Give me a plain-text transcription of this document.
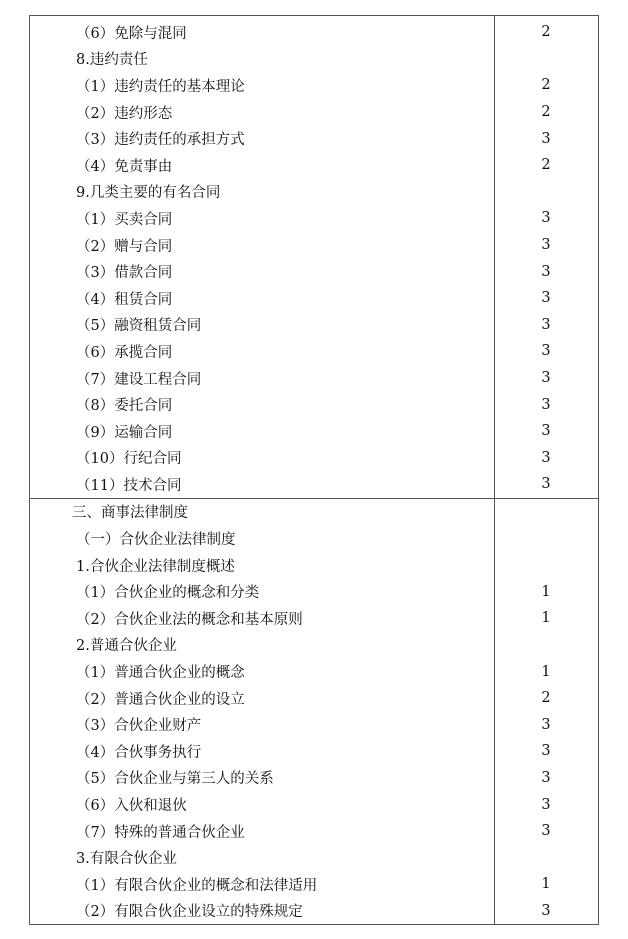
（6）免除与混同	2
8.违约责任
（1）违约责任的基本理论	2
（2）违约形态	2
（3）违约责任的承担方式	3
（4）免责事由	2
9.几类主要的有名合同
（1）买卖合同	3
（2）赠与合同	3
（3）借款合同	3
（4）租赁合同	3
（5）融资租赁合同	3
（6）承揽合同	3
（7）建设工程合同	3
（8）委托合同	3
（9）运输合同	3
（10）行纪合同	3
（11）技术合同	3
三、商事法律制度
（一）合伙企业法律制度
1.合伙企业法律制度概述
（1）合伙企业的概念和分类	1
（2）合伙企业法的概念和基本原则	1
2.普通合伙企业
（1）普通合伙企业的概念	1
（2）普通合伙企业的设立	2
（3）合伙企业财产	3
（4）合伙事务执行	3
（5）合伙企业与第三人的关系	3
（6）入伙和退伙	3
（7）特殊的普通合伙企业	3
3.有限合伙企业
（1）有限合伙企业的概念和法律适用	1
（2）有限合伙企业设立的特殊规定	3
